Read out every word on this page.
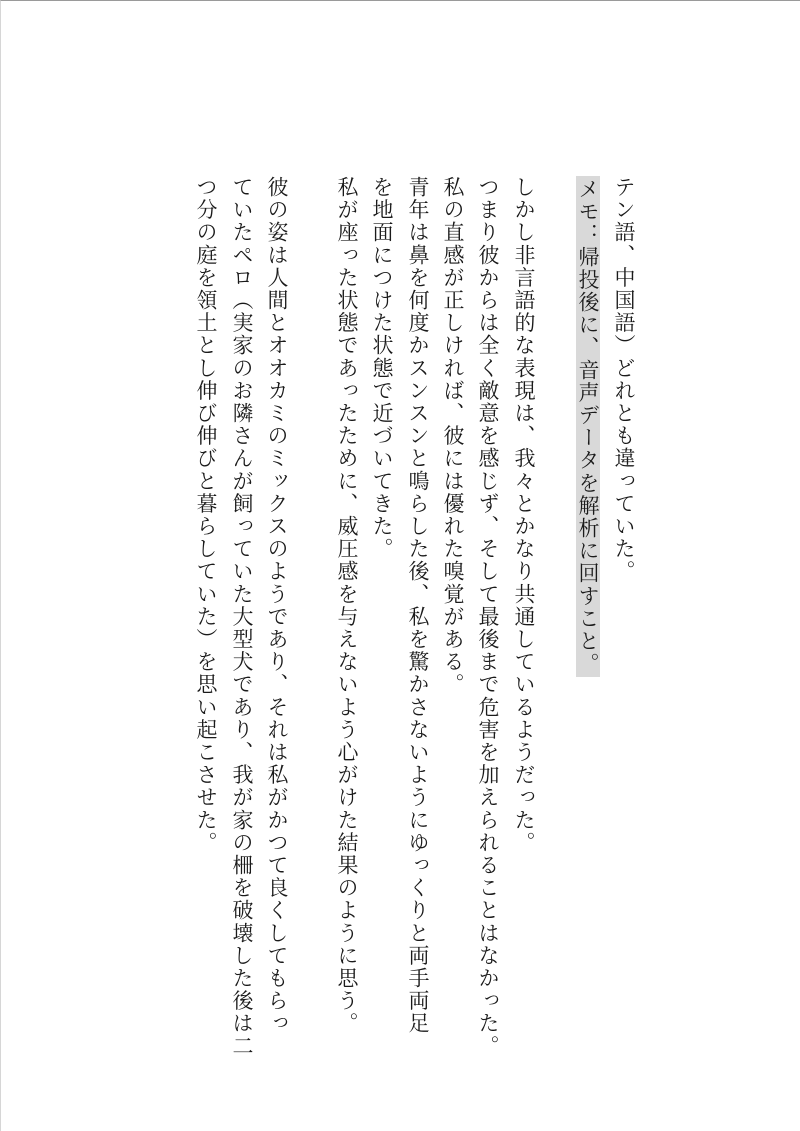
テン語、中国語）どれとも違っていた。
メモ：帰投後に、音声データを解析に回すこと。
しかし非言語的な表現は、我々とかなり共通しているようだった。
つまり彼からは全く敵意を感じず、そして最後まで危害を加えられることはなかった。
私の直感が正しければ、彼には優れた嗅覚がある。
青年は鼻を何度かスンスンと鳴らした後、私を驚かさないようにゆっくりと両手両足
を地面につけた状態で近づいてきた。
私が座った状態であったために、威圧感を与えないよう心がけた結果のように思う。
彼の姿は人間とオオカミのミックスのようであり、それは私がかつて良くしてもらっ
ていたペロ（実家のお隣さんが飼っていた大型犬であり、我が家の柵を破壊した後は二
つ分の庭を領土とし伸び伸びと暮らしていた）を思い起こさせた。
